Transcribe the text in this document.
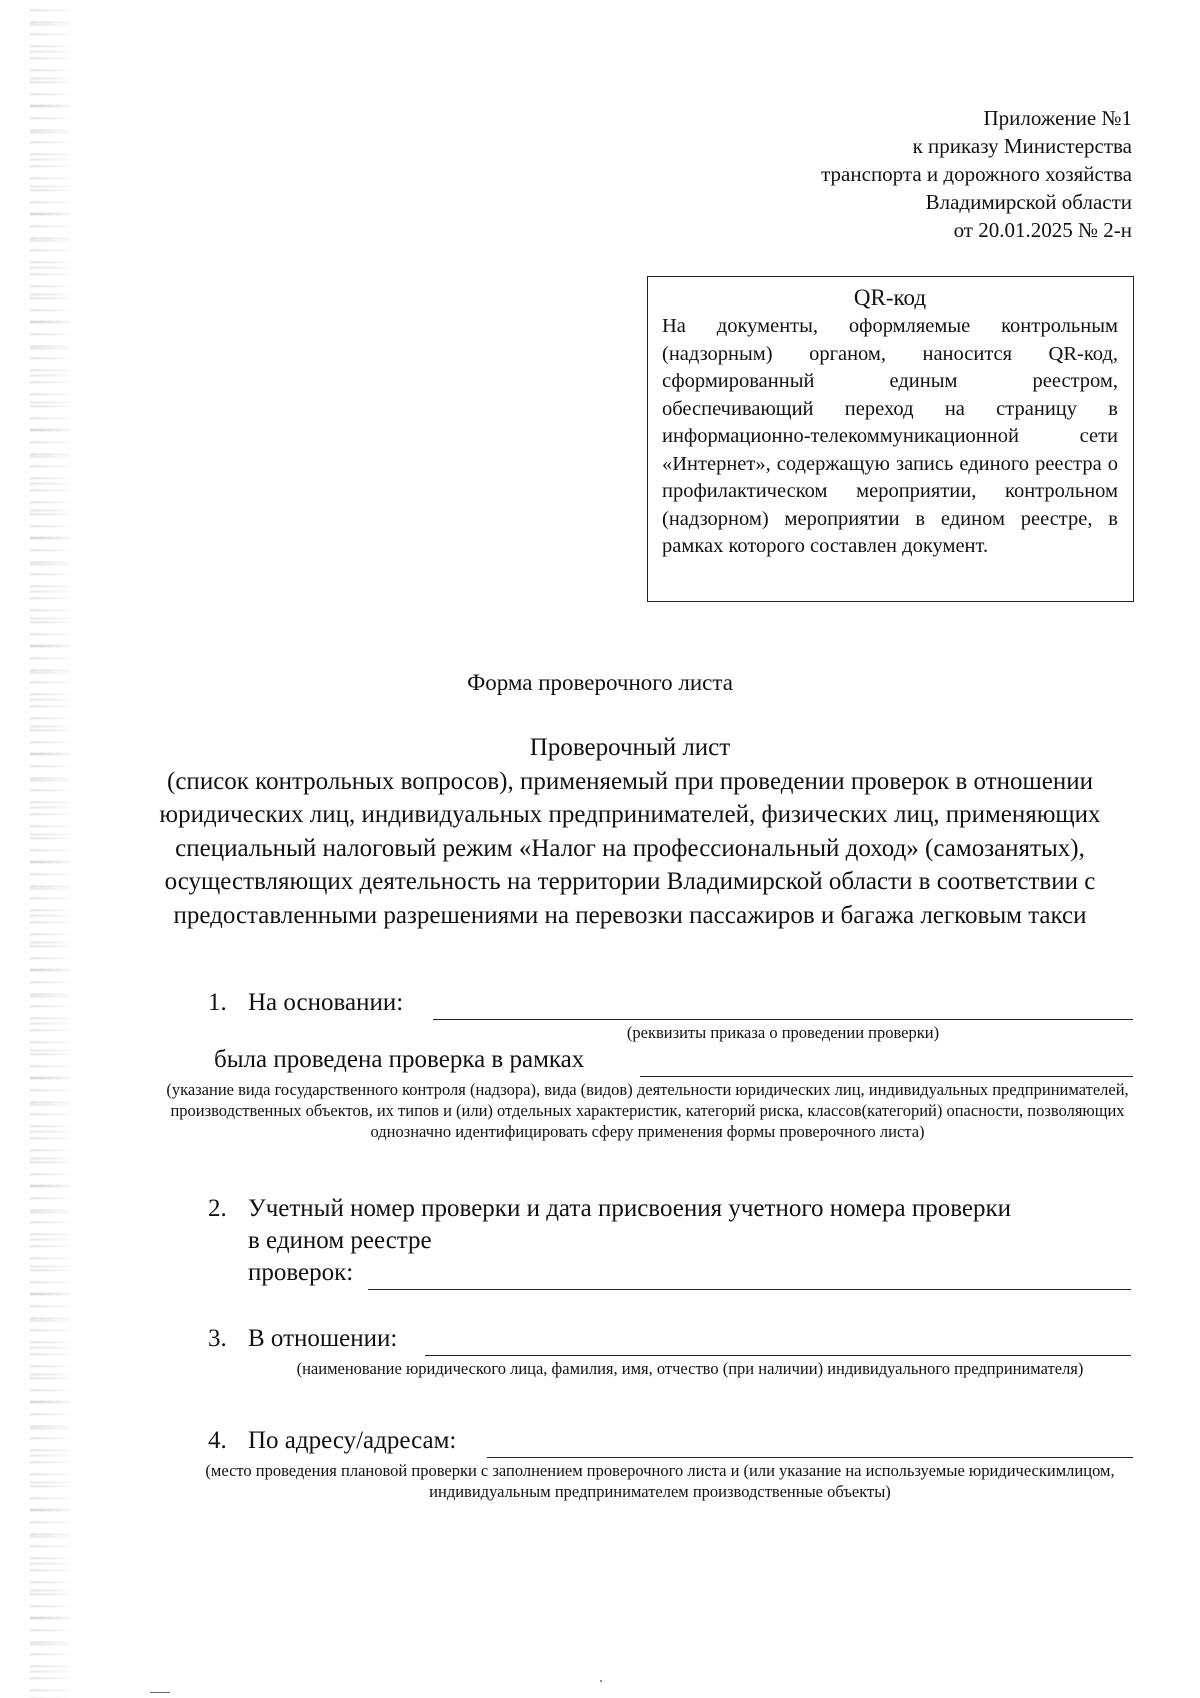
Приложение №1
к приказу Министерства
транспорта и дорожного хозяйства
Владимирской области
от 20.01.2025 № 2-н
QR-код
На документы, оформляемые контрольным (надзорным) органом, наносится QR-код, сформированный единым реестром, обеспечивающий переход на страницу в информационно-телекоммуникационной сети «Интернет», содержащую запись единого реестра о профилактическом мероприятии, контрольном (надзорном) мероприятии в едином реестре, в рамках которого составлен документ.
Форма проверочного листа
Проверочный лист
(список контрольных вопросов), применяемый при проведении проверок в отношении юридических лиц, индивидуальных предпринимателей, физических лиц, применяющих специальный налоговый режим «Налог на профессиональный доход» (самозанятых), осуществляющих деятельность на территории Владимирской области в соответствии с предоставленными разрешениями на перевозки пассажиров и багажа легковым такси
1. На основании:
(реквизиты приказа о проведении проверки)
была проведена проверка в рамках
(указание вида государственного контроля (надзора), вида (видов) деятельности юридических лиц, индивидуальных предпринимателей, производственных объектов, их типов и (или) отдельных характеристик, категорий риска, классов(категорий) опасности, позволяющих однозначно идентифицировать сферу применения формы проверочного листа)
2. Учетный номер проверки и дата присвоения учетного номера проверки
в едином реестре
проверок:
3. В отношении:
(наименование юридического лица, фамилия, имя, отчество (при наличии) индивидуального предпринимателя)
4. По адресу/адресам:
(место проведения плановой проверки с заполнением проверочного листа и (или указание на используемые юридическимлицом, индивидуальным предпринимателем производственные объекты)
